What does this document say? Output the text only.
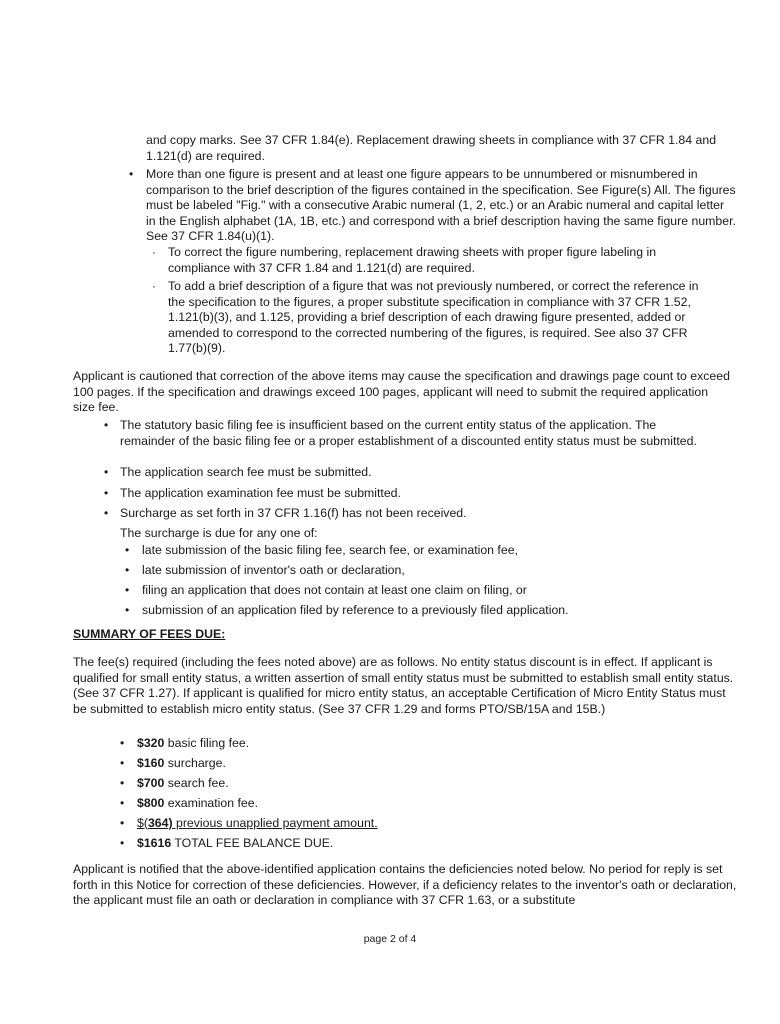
and copy marks. See 37 CFR 1.84(e). Replacement drawing sheets in compliance with 37 CFR 1.84 and 1.121(d) are required.

• More than one figure is present and at least one figure appears to be unnumbered or misnumbered in comparison to the brief description of the figures contained in the specification. See Figure(s) All. The figures must be labeled "Fig." with a consecutive Arabic numeral (1, 2, etc.) or an Arabic numeral and capital letter in the English alphabet (1A, 1B, etc.) and correspond with a brief description having the same figure number. See 37 CFR 1.84(u)(1).

· To correct the figure numbering, replacement drawing sheets with proper figure labeling in compliance with 37 CFR 1.84 and 1.121(d) are required.

· To add a brief description of a figure that was not previously numbered, or correct the reference in the specification to the figures, a proper substitute specification in compliance with 37 CFR 1.52, 1.121(b)(3), and 1.125, providing a brief description of each drawing figure presented, added or amended to correspond to the corrected numbering of the figures, is required. See also 37 CFR 1.77(b)(9).

Applicant is cautioned that correction of the above items may cause the specification and drawings page count to exceed 100 pages. If the specification and drawings exceed 100 pages, applicant will need to submit the required application size fee.

• The statutory basic filing fee is insufficient based on the current entity status of the application. The remainder of the basic filing fee or a proper establishment of a discounted entity status must be submitted.

• The application search fee must be submitted.

• The application examination fee must be submitted.

• Surcharge as set forth in 37 CFR 1.16(f) has not been received.

The surcharge is due for any one of:

• late submission of the basic filing fee, search fee, or examination fee,

• late submission of inventor's oath or declaration,

• filing an application that does not contain at least one claim on filing, or

• submission of an application filed by reference to a previously filed application.

SUMMARY OF FEES DUE:

The fee(s) required (including the fees noted above) are as follows. No entity status discount is in effect. If applicant is qualified for small entity status, a written assertion of small entity status must be submitted to establish small entity status. (See 37 CFR 1.27). If applicant is qualified for micro entity status, an acceptable Certification of Micro Entity Status must be submitted to establish micro entity status. (See 37 CFR 1.29 and forms PTO/SB/15A and 15B.)

• $320 basic filing fee.

• $160 surcharge.

• $700 search fee.

• $800 examination fee.

• $(364) previous unapplied payment amount.

• $1616 TOTAL FEE BALANCE DUE.

Applicant is notified that the above-identified application contains the deficiencies noted below. No period for reply is set forth in this Notice for correction of these deficiencies. However, if a deficiency relates to the inventor's oath or declaration, the applicant must file an oath or declaration in compliance with 37 CFR 1.63, or a substitute

page 2 of 4
